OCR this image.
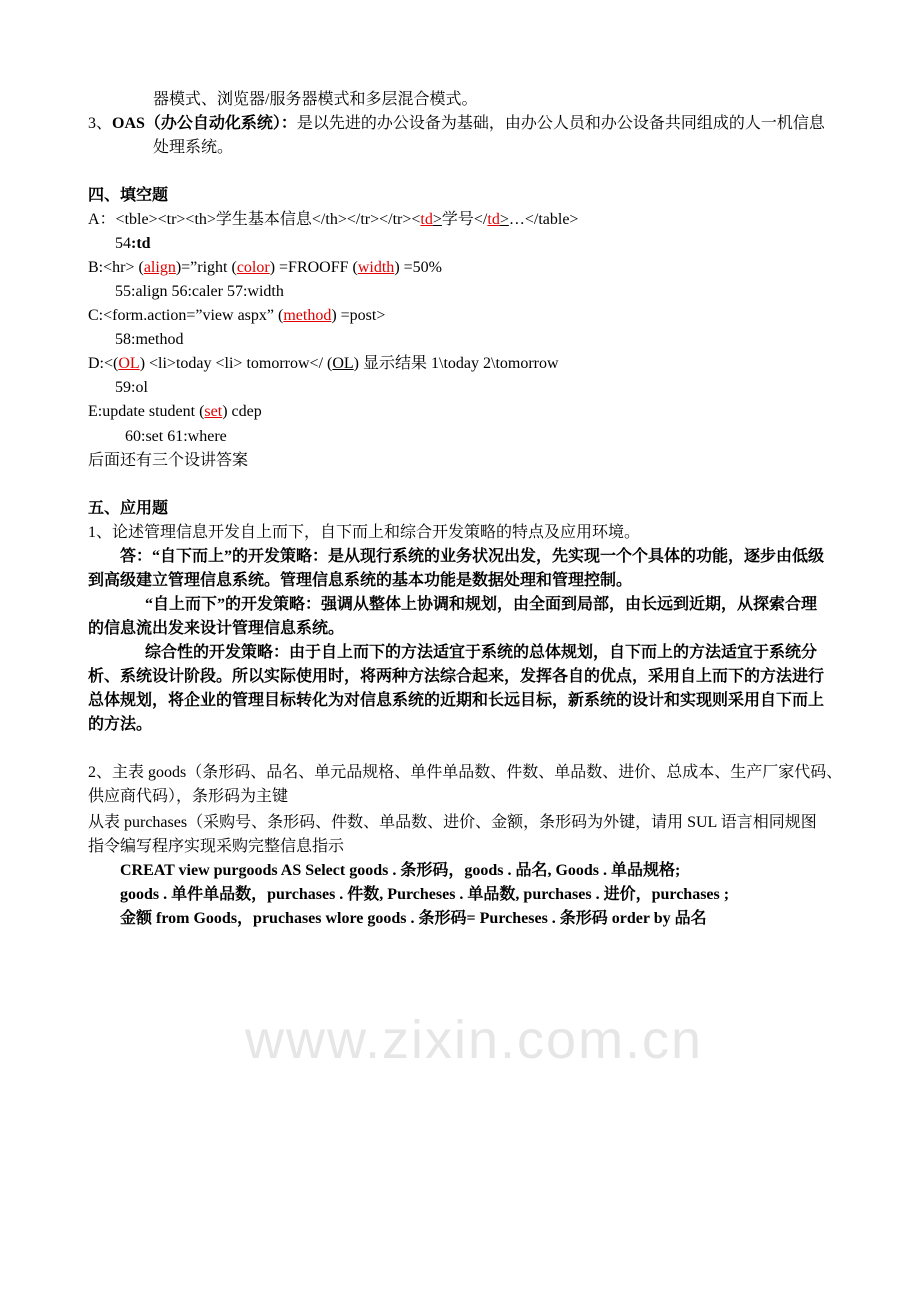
www.zixin.com.cn
器模式、浏览器/服务器模式和多层混合模式。
3、OAS（办公自动化系统）：是以先进的办公设备为基础，由办公人员和办公设备共同组成的人一机信息
处理系统。
四、填空题
A：<tble><tr><th>学生基本信息</th></tr></tr><td>学号</td>…</table>
54:td
B:<hr> (align)=”right (color) =FROOFF (width) =50%
55:align 56:caler 57:width
C:<form.action=”view aspx” (method) =post>
58:method
D:<(OL) <li>today <li> tomorrow</ (OL) 显示结果 1\today 2\tomorrow
59:ol
E:update student (set) cdep
60:set 61:where
后面还有三个设讲答案
五、应用题
1、论述管理信息开发自上而下，自下而上和综合开发策略的特点及应用环境。
答：“自下而上”的开发策略：是从现行系统的业务状况出发，先实现一个个具体的功能，逐步由低级
到高级建立管理信息系统。管理信息系统的基本功能是数据处理和管理控制。
“自上而下”的开发策略：强调从整体上协调和规划，由全面到局部，由长远到近期，从探索合理
的信息流出发来设计管理信息系统。
综合性的开发策略：由于自上而下的方法适宜于系统的总体规划，自下而上的方法适宜于系统分
析、系统设计阶段。所以实际使用时，将两种方法综合起来，发挥各自的优点，采用自上而下的方法进行
总体规划，将企业的管理目标转化为对信息系统的近期和长远目标，新系统的设计和实现则采用自下而上
的方法。
2、主表 goods（条形码、品名、单元品规格、单件单品数、件数、单品数、进价、总成本、生产厂家代码、
供应商代码），条形码为主键
从表 purchases（采购号、条形码、件数、单品数、进价、金额，条形码为外键，请用 SUL 语言相同规图
指令编写程序实现采购完整信息指示
CREAT view purgoods AS Select goods . 条形码，goods . 品名, Goods . 单品规格;
goods . 单件单品数，purchases . 件数, Purcheses . 单品数, purchases . 进价，purchases ;
金额 from Goods，pruchases wlore goods . 条形码= Purcheses . 条形码 order by 品名
